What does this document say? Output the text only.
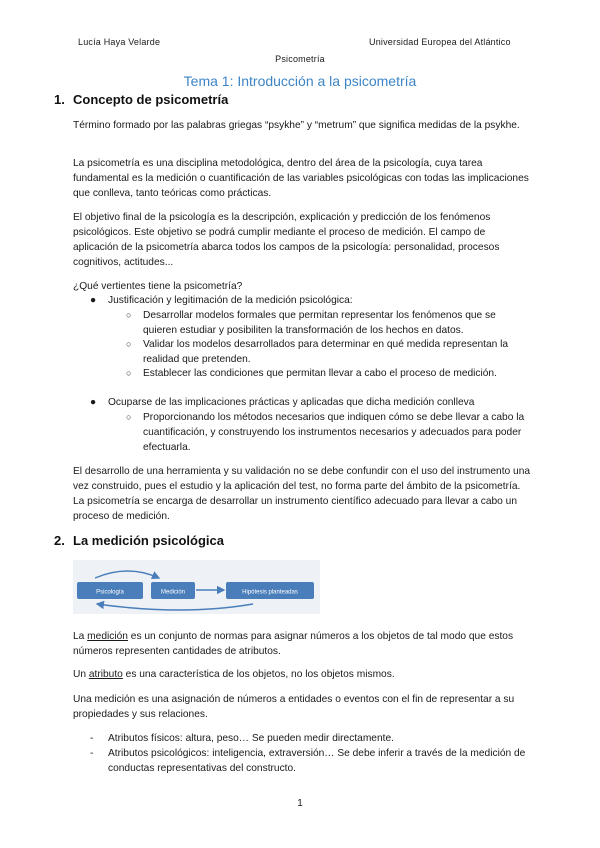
Lucía Haya Velarde	Universidad Europea del Atlántico
Psicometría
Tema 1: Introducción a la psicometría
1. Concepto de psicometría

Término formado por las palabras griegas “psykhe” y “metrum” que significa medidas de la psykhe.

La psicometría es una disciplina metodológica, dentro del área de la psicología, cuya tarea fundamental es la medición o cuantificación de las variables psicológicas con todas las implicaciones que conlleva, tanto teóricas como prácticas.

El objetivo final de la psicología es la descripción, explicación y predicción de los fenómenos psicológicos. Este objetivo se podrá cumplir mediante el proceso de medición. El campo de aplicación de la psicometría abarca todos los campos de la psicología: personalidad, procesos cognitivos, actitudes...

¿Qué vertientes tiene la psicometría?

● Justificación y legitimación de la medición psicológica:
○ Desarrollar modelos formales que permitan representar los fenómenos que se quieren estudiar y posibiliten la transformación de los hechos en datos.
○ Validar los modelos desarrollados para determinar en qué medida representan la realidad que pretenden.
○ Establecer las condiciones que permitan llevar a cabo el proceso de medición.
● Ocuparse de las implicaciones prácticas y aplicadas que dicha medición conlleva
○ Proporcionando los métodos necesarios que indiquen cómo se debe llevar a cabo la cuantificación, y construyendo los instrumentos necesarios y adecuados para poder efectuarla.

El desarrollo de una herramienta y su validación no se debe confundir con el uso del instrumento una vez construido, pues el estudio y la aplicación del test, no forma parte del ámbito de la psicometría. La psicometría se encarga de desarrollar un instrumento científico adecuado para llevar a cabo un proceso de medición.

2. La medición psicológica
Psicología	Medición	Hipótesis planteadas

La medición es un conjunto de normas para asignar números a los objetos de tal modo que estos números representen cantidades de atributos.

Un atributo es una característica de los objetos, no los objetos mismos.

Una medición es una asignación de números a entidades o eventos con el fin de representar a su propiedades y sus relaciones.

- Atributos físicos: altura, peso… Se pueden medir directamente.
- Atributos psicológicos: inteligencia, extraversión… Se debe inferir a través de la medición de conductas representativas del constructo.
1
